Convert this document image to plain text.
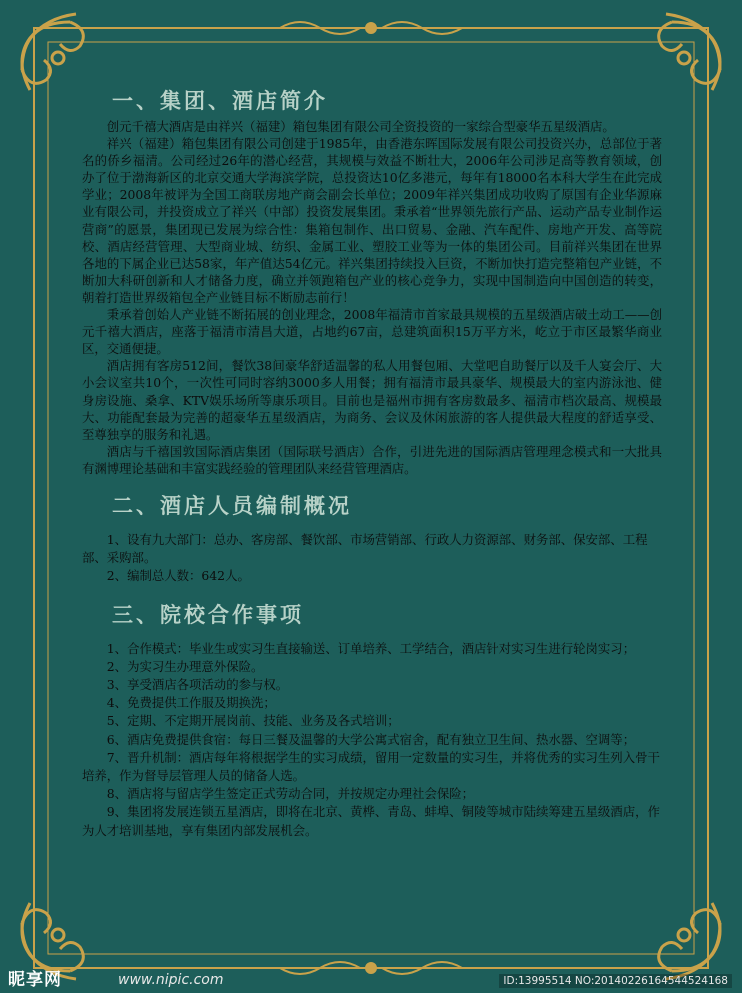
一、集团、酒店简介

创元千禧大酒店是由祥兴（福建）箱包集团有限公司全资投资的一家综合型豪华五星级酒店。

祥兴（福建）箱包集团有限公司创建于1985年，由香港东晖国际发展有限公司投资兴办，总部位于著名的侨乡福清。公司经过26年的潜心经营，其规模与效益不断壮大，2006年公司涉足高等教育领域，创办了位于渤海新区的北京交通大学海滨学院，总投资达10亿多港元，每年有18000名本科大学生在此完成学业；2008年被评为全国工商联房地产商会副会长单位；2009年祥兴集团成功收购了原国有企业华源麻业有限公司，并投资成立了祥兴（中部）投资发展集团。秉承着“世界领先旅行产品、运动产品专业制作运营商”的愿景，集团现已发展为综合性：集箱包制作、出口贸易、金融、汽车配件、房地产开发、高等院校、酒店经营管理、大型商业城、纺织、金属工业、塑胶工业等为一体的集团公司。目前祥兴集团在世界各地的下属企业已达58家，年产值达54亿元。祥兴集团持续投入巨资，不断加快打造完整箱包产业链，不断加大科研创新和人才储备力度，确立并领跑箱包产业的核心竞争力，实现中国制造向中国创造的转变，朝着打造世界级箱包全产业链目标不断励志前行！

秉承着创始人产业链不断拓展的创业理念，2008年福清市首家最具规模的五星级酒店破土动工——创元千禧大酒店，座落于福清市清昌大道，占地约67亩，总建筑面积15万平方米，屹立于市区最繁华商业区，交通便捷。

酒店拥有客房512间，餐饮38间豪华舒适温馨的私人用餐包厢、大堂吧自助餐厅以及千人宴会厅、大小会议室共10个，一次性可同时容纳3000多人用餐；拥有福清市最具豪华、规模最大的室内游泳池、健身房设施、桑拿、KTV娱乐场所等康乐项目。目前也是福州市拥有客房数最多、福清市档次最高、规模最大、功能配套最为完善的超豪华五星级酒店，为商务、会议及休闲旅游的客人提供最大程度的舒适享受、至尊独享的服务和礼遇。

酒店与千禧国敦国际酒店集团（国际联号酒店）合作，引进先进的国际酒店管理理念模式和一大批具有渊博理论基础和丰富实践经验的管理团队来经营管理酒店。

二、酒店人员编制概况

1、设有九大部门：总办、客房部、餐饮部、市场营销部、行政人力资源部、财务部、保安部、工程部、采购部。

2、编制总人数：642人。

三、院校合作事项

1、合作模式：毕业生或实习生直接输送、订单培养、工学结合，酒店针对实习生进行轮岗实习；

2、为实习生办理意外保险。

3、享受酒店各项活动的参与权。

4、免费提供工作服及期换洗；

5、定期、不定期开展岗前、技能、业务及各式培训；

6、酒店免费提供食宿：每日三餐及温馨的大学公寓式宿舍，配有独立卫生间、热水器、空调等；

7、晋升机制：酒店每年将根据学生的实习成绩，留用一定数量的实习生，并将优秀的实习生列入骨干培养，作为督导层管理人员的储备人选。

8、酒店将与留店学生签定正式劳动合同，并按规定办理社会保险；

9、集团将发展连锁五星酒店，即将在北京、黄桦、青岛、蚌埠、铜陵等城市陆续筹建五星级酒店，作为人才培训基地，享有集团内部发展机会。

昵享网	www.nipic.com	ID:13995514 NO:20140226164544524168
